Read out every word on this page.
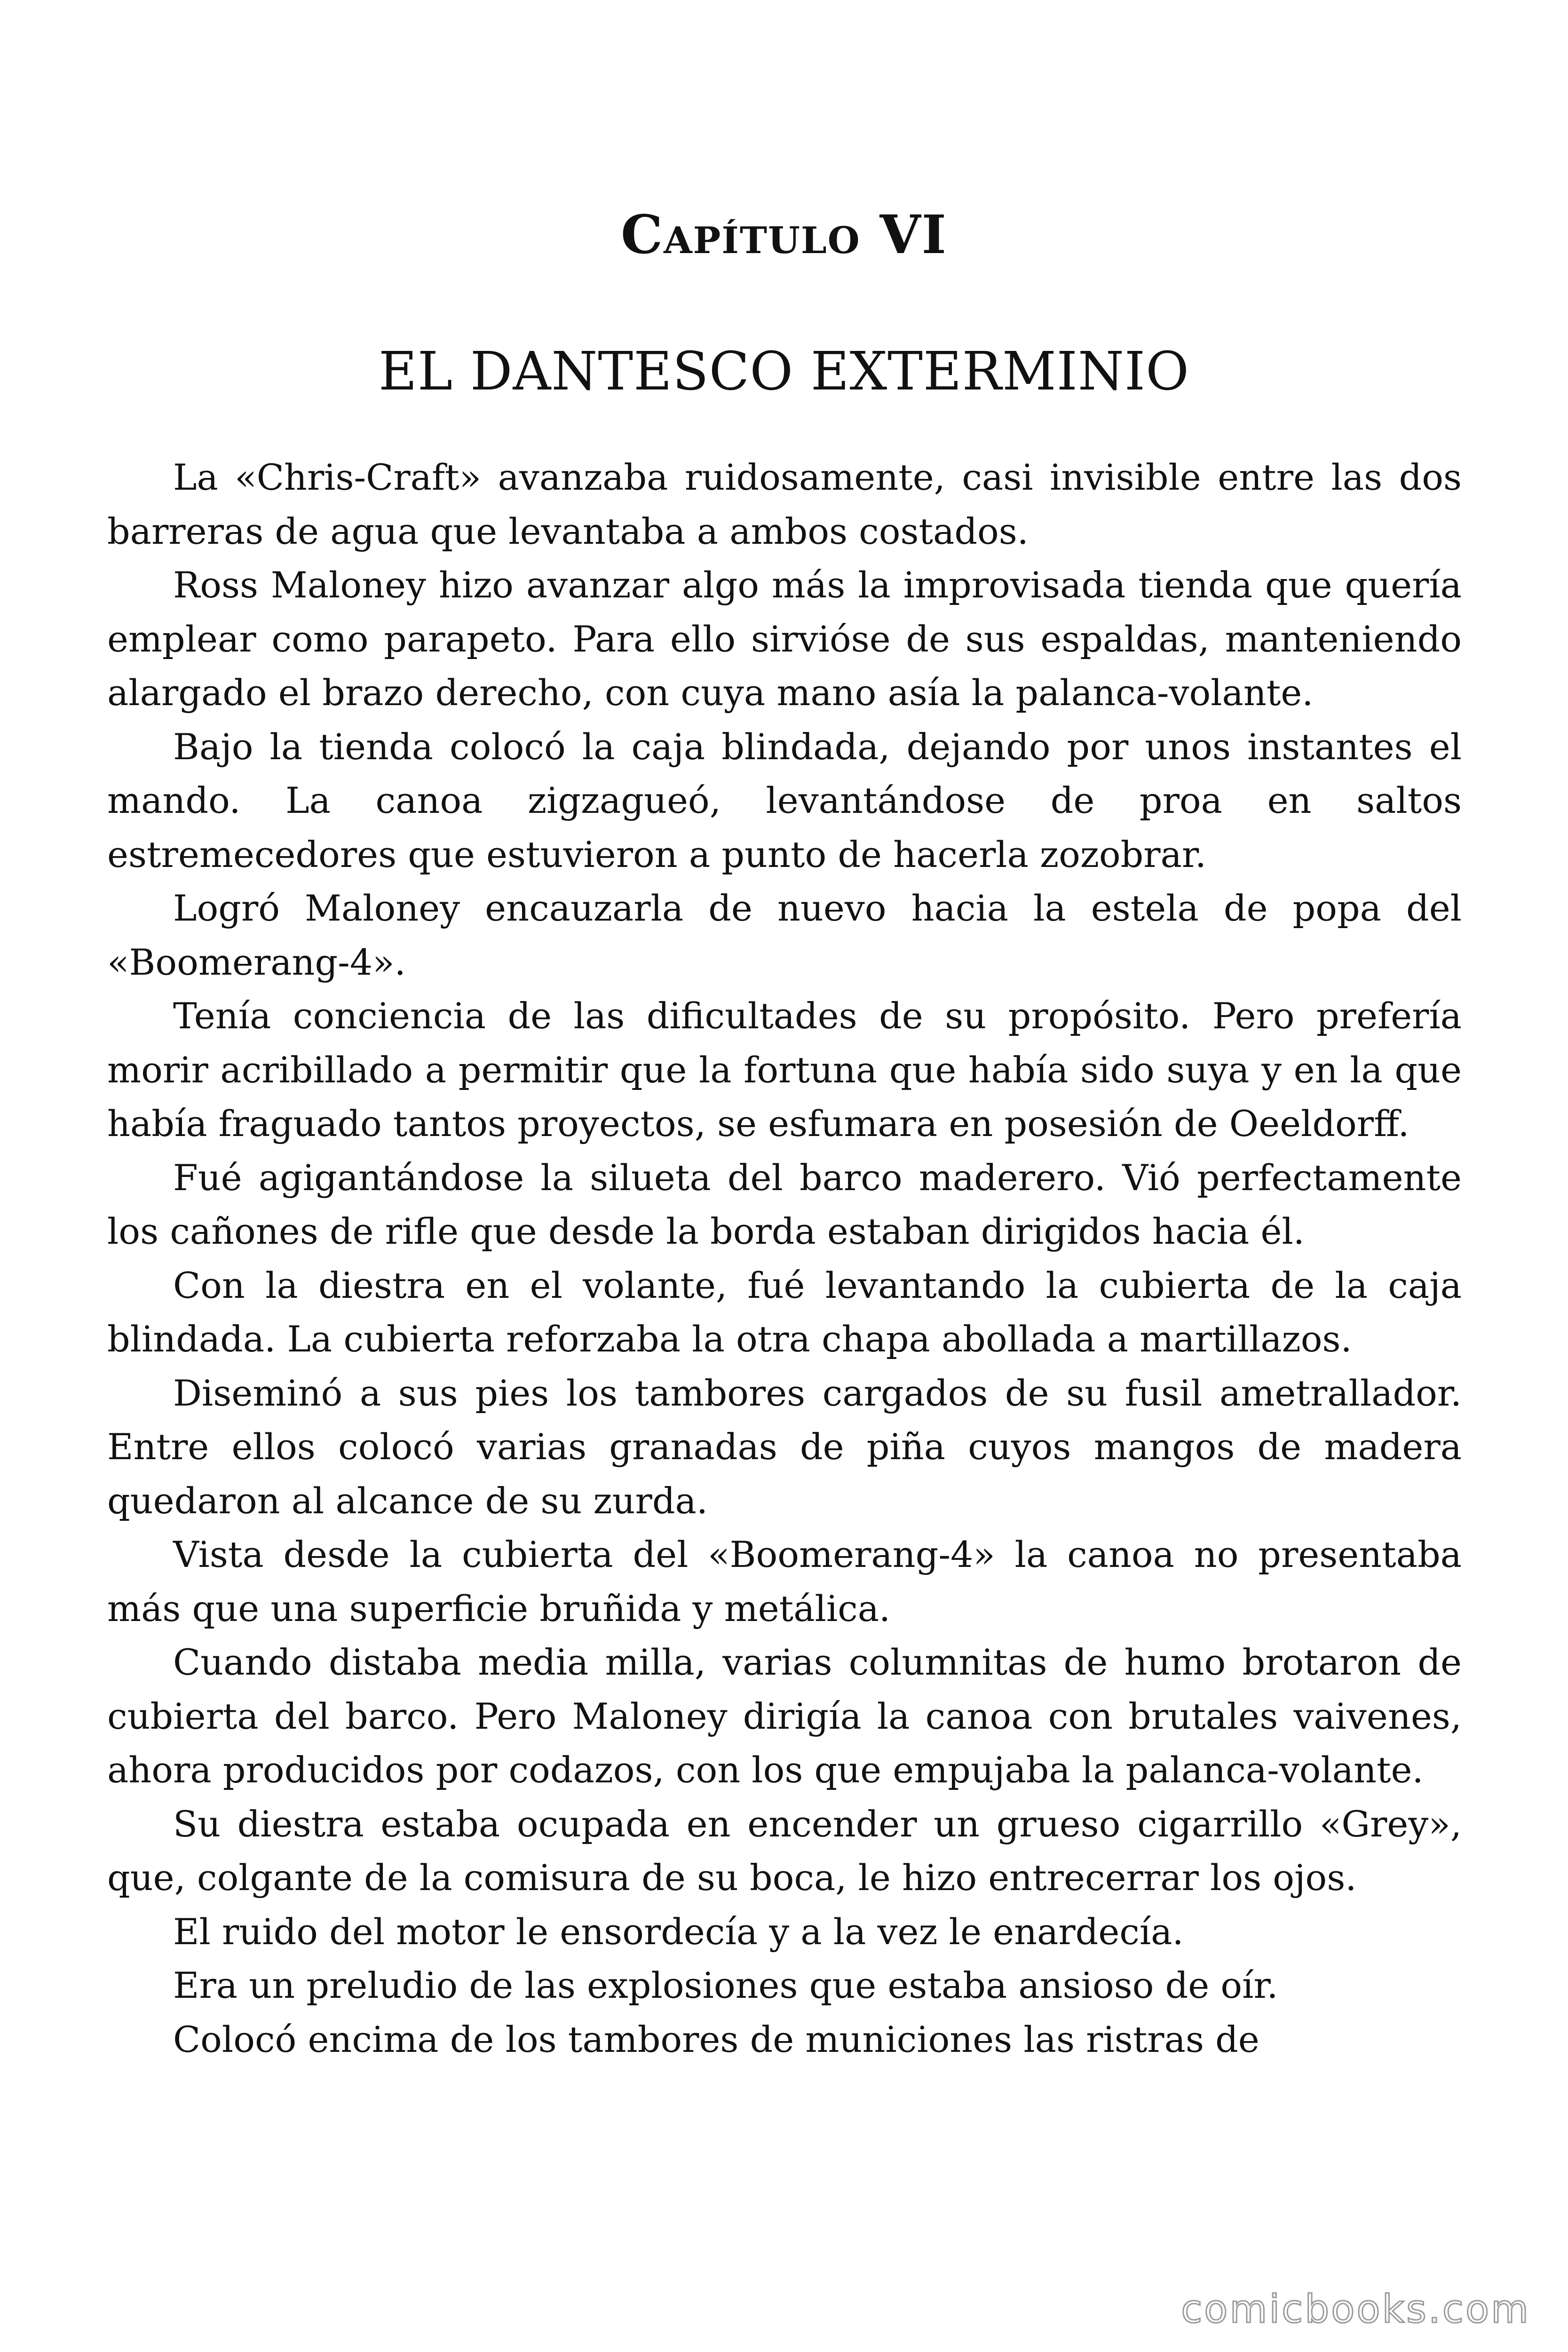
Capítulo VI
EL DANTESCO EXTERMINIO

La «Chris-Craft» avanzaba ruidosamente, casi invisible entre las dos barreras de agua que levantaba a ambos costados.

Ross Maloney hizo avanzar algo más la improvisada tienda que quería emplear como parapeto. Para ello sirvióse de sus espaldas, manteniendo alargado el brazo derecho, con cuya mano asía la palanca-volante.

Bajo la tienda colocó la caja blindada, dejando por unos instantes el mando. La canoa zigzagueó, levantándose de proa en saltos estremecedores que estuvieron a punto de hacerla zozobrar.

Logró Maloney encauzarla de nuevo hacia la estela de popa del «Boomerang-4».

Tenía conciencia de las dificultades de su propósito. Pero prefería morir acribillado a permitir que la fortuna que había sido suya y en la que había fraguado tantos proyectos, se esfumara en posesión de Oeeldorff.

Fué agigantándose la silueta del barco maderero. Vió perfectamente los cañones de rifle que desde la borda estaban dirigidos hacia él.

Con la diestra en el volante, fué levantando la cubierta de la caja blindada. La cubierta reforzaba la otra chapa abollada a martillazos.

Diseminó a sus pies los tambores cargados de su fusil ametrallador. Entre ellos colocó varias granadas de piña cuyos mangos de madera quedaron al alcance de su zurda.

Vista desde la cubierta del «Boomerang-4» la canoa no presentaba más que una superficie bruñida y metálica.

Cuando distaba media milla, varias columnitas de humo brotaron de cubierta del barco. Pero Maloney dirigía la canoa con brutales vaivenes, ahora producidos por codazos, con los que empujaba la palanca-volante.

Su diestra estaba ocupada en encender un grueso cigarrillo «Grey», que, colgante de la comisura de su boca, le hizo entrecerrar los ojos.

El ruido del motor le ensordecía y a la vez le enardecía.

Era un preludio de las explosiones que estaba ansioso de oír.

Colocó encima de los tambores de municiones las ristras de

comicbooks.com
